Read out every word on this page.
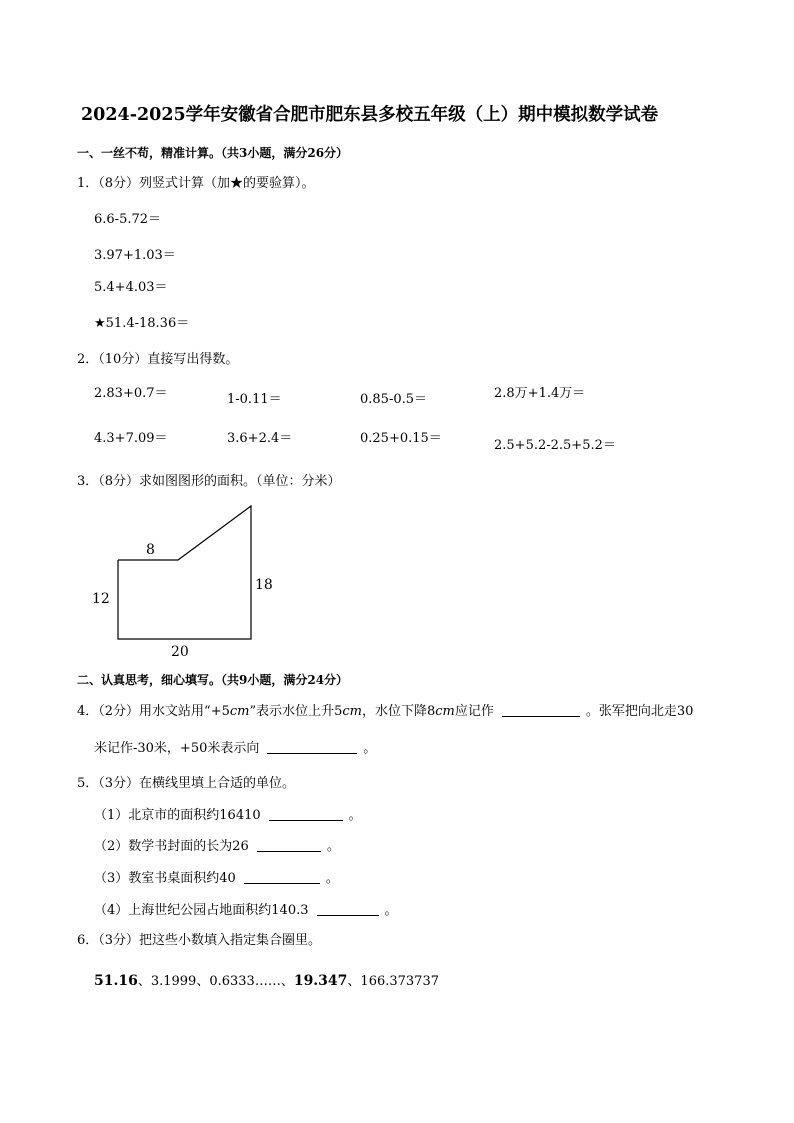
2024-2025学年安徽省合肥市肥东县多校五年级（上）期中模拟数学试卷
一、一丝不苟，精准计算。（共3小题，满分26分）
1．（8分）列竖式计算（加★的要验算）。
6.6-5.72＝
3.97+1.03＝
5.4+4.03＝
★51.4-18.36＝
2．（10分）直接写出得数。
2.83+0.7＝	1-0.11＝	0.85-0.5＝	2.8万+1.4万＝
4.3+7.09＝	3.6+2.4＝	0.25+0.15＝	2.5+5.2-2.5+5.2＝
3．（8分）求如图图形的面积。（单位：分米）
8
12
18
20
二、认真思考，细心填写。（共9小题，满分24分）
4．（2分）用水文站用“+5cm”表示水位上升5cm，水位下降8cm应记作	。张军把向北走30
米记作-30米，+50米表示向	。
5．（3分）在横线里填上合适的单位。
（1）北京市的面积约16410	。
（2）数学书封面的长为26	。
（3）教室书桌面积约40	。
（4）上海世纪公园占地面积约140.3	。
6．（3分）把这些小数填入指定集合圈里。
51.16、3.1999、0.6333……、19.347、166.373737
